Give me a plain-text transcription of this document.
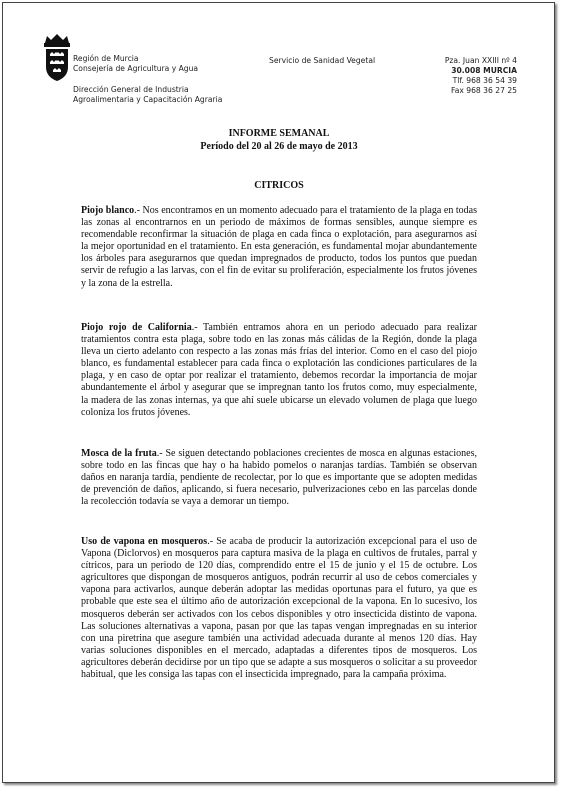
Región de Murcia
Consejería de Agricultura y Agua
Dirección General de Industria
Agroalimentaria y Capacitación Agraria
Servicio de Sanidad Vegetal	Pza. Juan XXIII nº 4
30.008 MURCIA
Tlf. 968 36 54 39
Fax 968 36 27 25
INFORME SEMANAL
Período del 20 al 26 de mayo de 2013
CITRICOS

Piojo blanco.- Nos encontramos en un momento adecuado para el tratamiento de la plaga en todas las zonas al encontrarnos en un periodo de máximos de formas sensibles, aunque siempre es recomendable reconfirmar la situación de plaga en cada finca o explotación, para asegurarnos así la mejor oportunidad en el tratamiento. En esta generación, es fundamental mojar abundantemente los árboles para asegurarnos que quedan impregnados de producto, todos los puntos que puedan servir de refugio a las larvas, con el fin de evitar su proliferación, especialmente los frutos jóvenes y la zona de la estrella.

Piojo rojo de California.- También entramos ahora en un periodo adecuado para realizar tratamientos contra esta plaga, sobre todo en las zonas más cálidas de la Región, donde la plaga lleva un cierto adelanto con respecto a las zonas más frías del interior. Como en el caso del piojo blanco, es fundamental establecer para cada finca o explotación las condiciones particulares de la plaga, y en caso de optar por realizar el tratamiento, debemos recordar la importancia de mojar abundantemente el árbol y asegurar que se impregnan tanto los frutos como, muy especialmente, la madera de las zonas internas, ya que ahí suele ubicarse un elevado volumen de plaga que luego coloniza los frutos jóvenes.

Mosca de la fruta.- Se siguen detectando poblaciones crecientes de mosca en algunas estaciones, sobre todo en las fincas que hay o ha habido pomelos o naranjas tardías. También se observan daños en naranja tardía, pendiente de recolectar, por lo que es importante que se adopten medidas de prevención de daños, aplicando, si fuera necesario, pulverizaciones cebo en las parcelas donde la recolección todavía se vaya a demorar un tiempo.

Uso de vapona en mosqueros.- Se acaba de producir la autorización excepcional para el uso de Vapona (Diclorvos) en mosqueros para captura masiva de la plaga en cultivos de frutales, parral y cítricos, para un periodo de 120 días, comprendido entre el 15 de junio y el 15 de octubre. Los agricultores que dispongan de mosqueros antiguos, podrán recurrir al uso de cebos comerciales y vapona para activarlos, aunque deberán adoptar las medidas oportunas para el futuro, ya que es probable que este sea el último año de autorización excepcional de la vapona. En lo sucesivo, los mosqueros deberán ser activados con los cebos disponibles y otro insecticida distinto de vapona. Las soluciones alternativas a vapona, pasan por que las tapas vengan impregnadas en su interior con una piretrina que asegure también una actividad adecuada durante al menos 120 días. Hay varias soluciones disponibles en el mercado, adaptadas a diferentes tipos de mosqueros. Los agricultores deberán decidirse por un tipo que se adapte a sus mosqueros o solicitar a su proveedor habitual, que les consiga las tapas con el insecticida impregnado, para la campaña próxima.
